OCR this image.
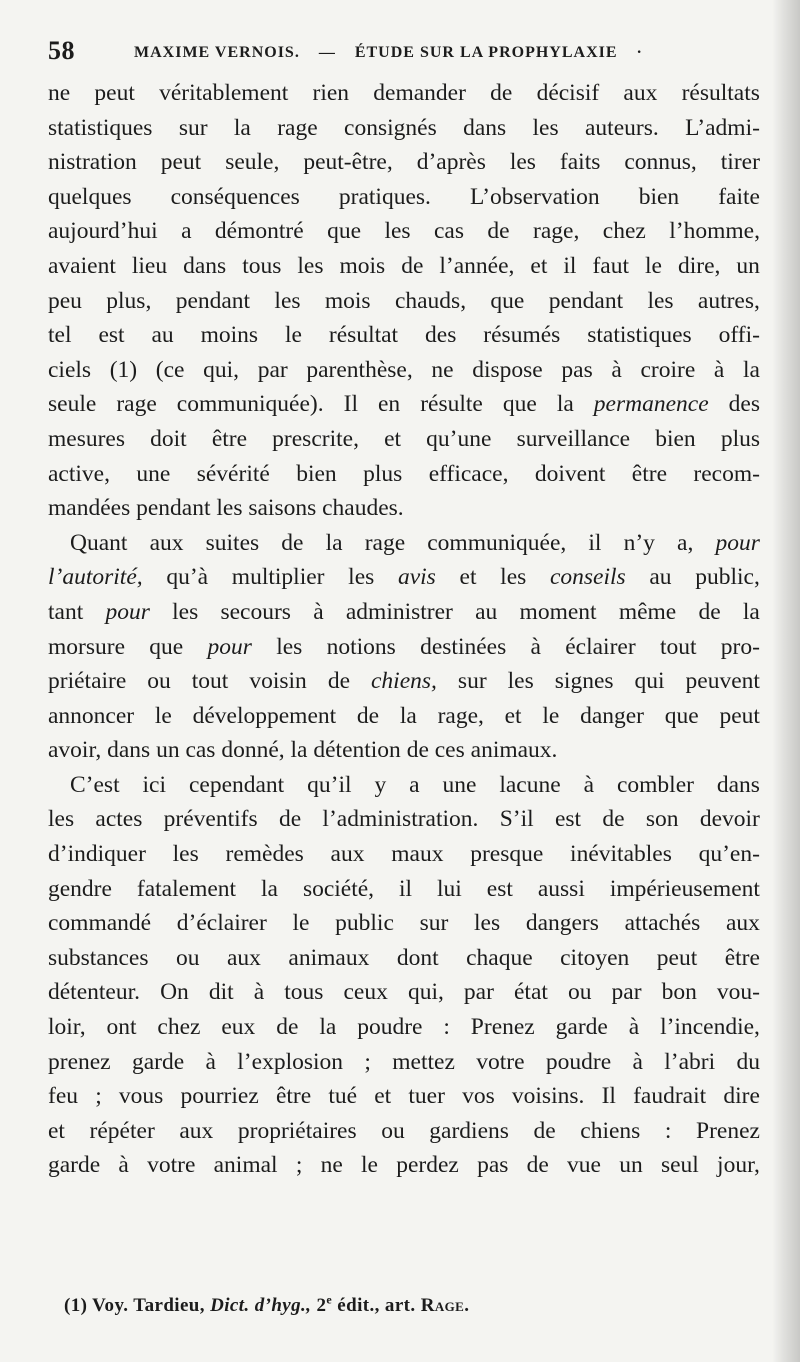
58	MAXIME VERNOIS. — ÉTUDE SUR LA PROPHYLAXIE ·
ne peut véritablement rien demander de décisif aux résultats
statistiques sur la rage consignés dans les auteurs. L’admi-
nistration peut seule, peut-être, d’après les faits connus, tirer
quelques conséquences pratiques. L’observation bien faite
aujourd’hui a démontré que les cas de rage, chez l’homme,
avaient lieu dans tous les mois de l’année, et il faut le dire, un
peu plus, pendant les mois chauds, que pendant les autres,
tel est au moins le résultat des résumés statistiques offi-
ciels (1) (ce qui, par parenthèse, ne dispose pas à croire à la
seule rage communiquée). Il en résulte que la permanence des
mesures doit être prescrite, et qu’une surveillance bien plus
active, une sévérité bien plus efficace, doivent être recom-
mandées
pendant
les
saisons
chaudes.
Quant aux suites de la rage communiquée, il n’y a, pour
l’autorité, qu’à multiplier les avis et les conseils au public,
tant pour les secours à administrer au moment même de la
morsure que pour les notions destinées à éclairer tout pro-
priétaire ou tout voisin de chiens, sur les signes qui peuvent
annoncer le développement de la rage, et le danger que peut
avoir,
dans
un
cas
donné,
la
détention
de
ces
animaux.
C’est ici cependant qu’il y a une lacune à combler dans
les actes préventifs de l’administration. S’il est de son devoir
d’indiquer les remèdes aux maux presque inévitables qu’en-
gendre fatalement la société, il lui est aussi impérieusement
commandé d’éclairer le public sur les dangers attachés aux
substances ou aux animaux dont chaque citoyen peut être
détenteur. On dit à tous ceux qui, par état ou par bon vou-
loir, ont chez eux de la poudre : Prenez garde à l’incendie,
prenez garde à l’explosion ; mettez votre poudre à l’abri du
feu ; vous pourriez être tué et tuer vos voisins. Il faudrait dire
et répéter aux propriétaires ou gardiens de chiens : Prenez
garde à votre animal ; ne le perdez pas de vue un seul jour,
(1) Voy. Tardieu, Dict. d’hyg., 2e édit., art. Rage.
